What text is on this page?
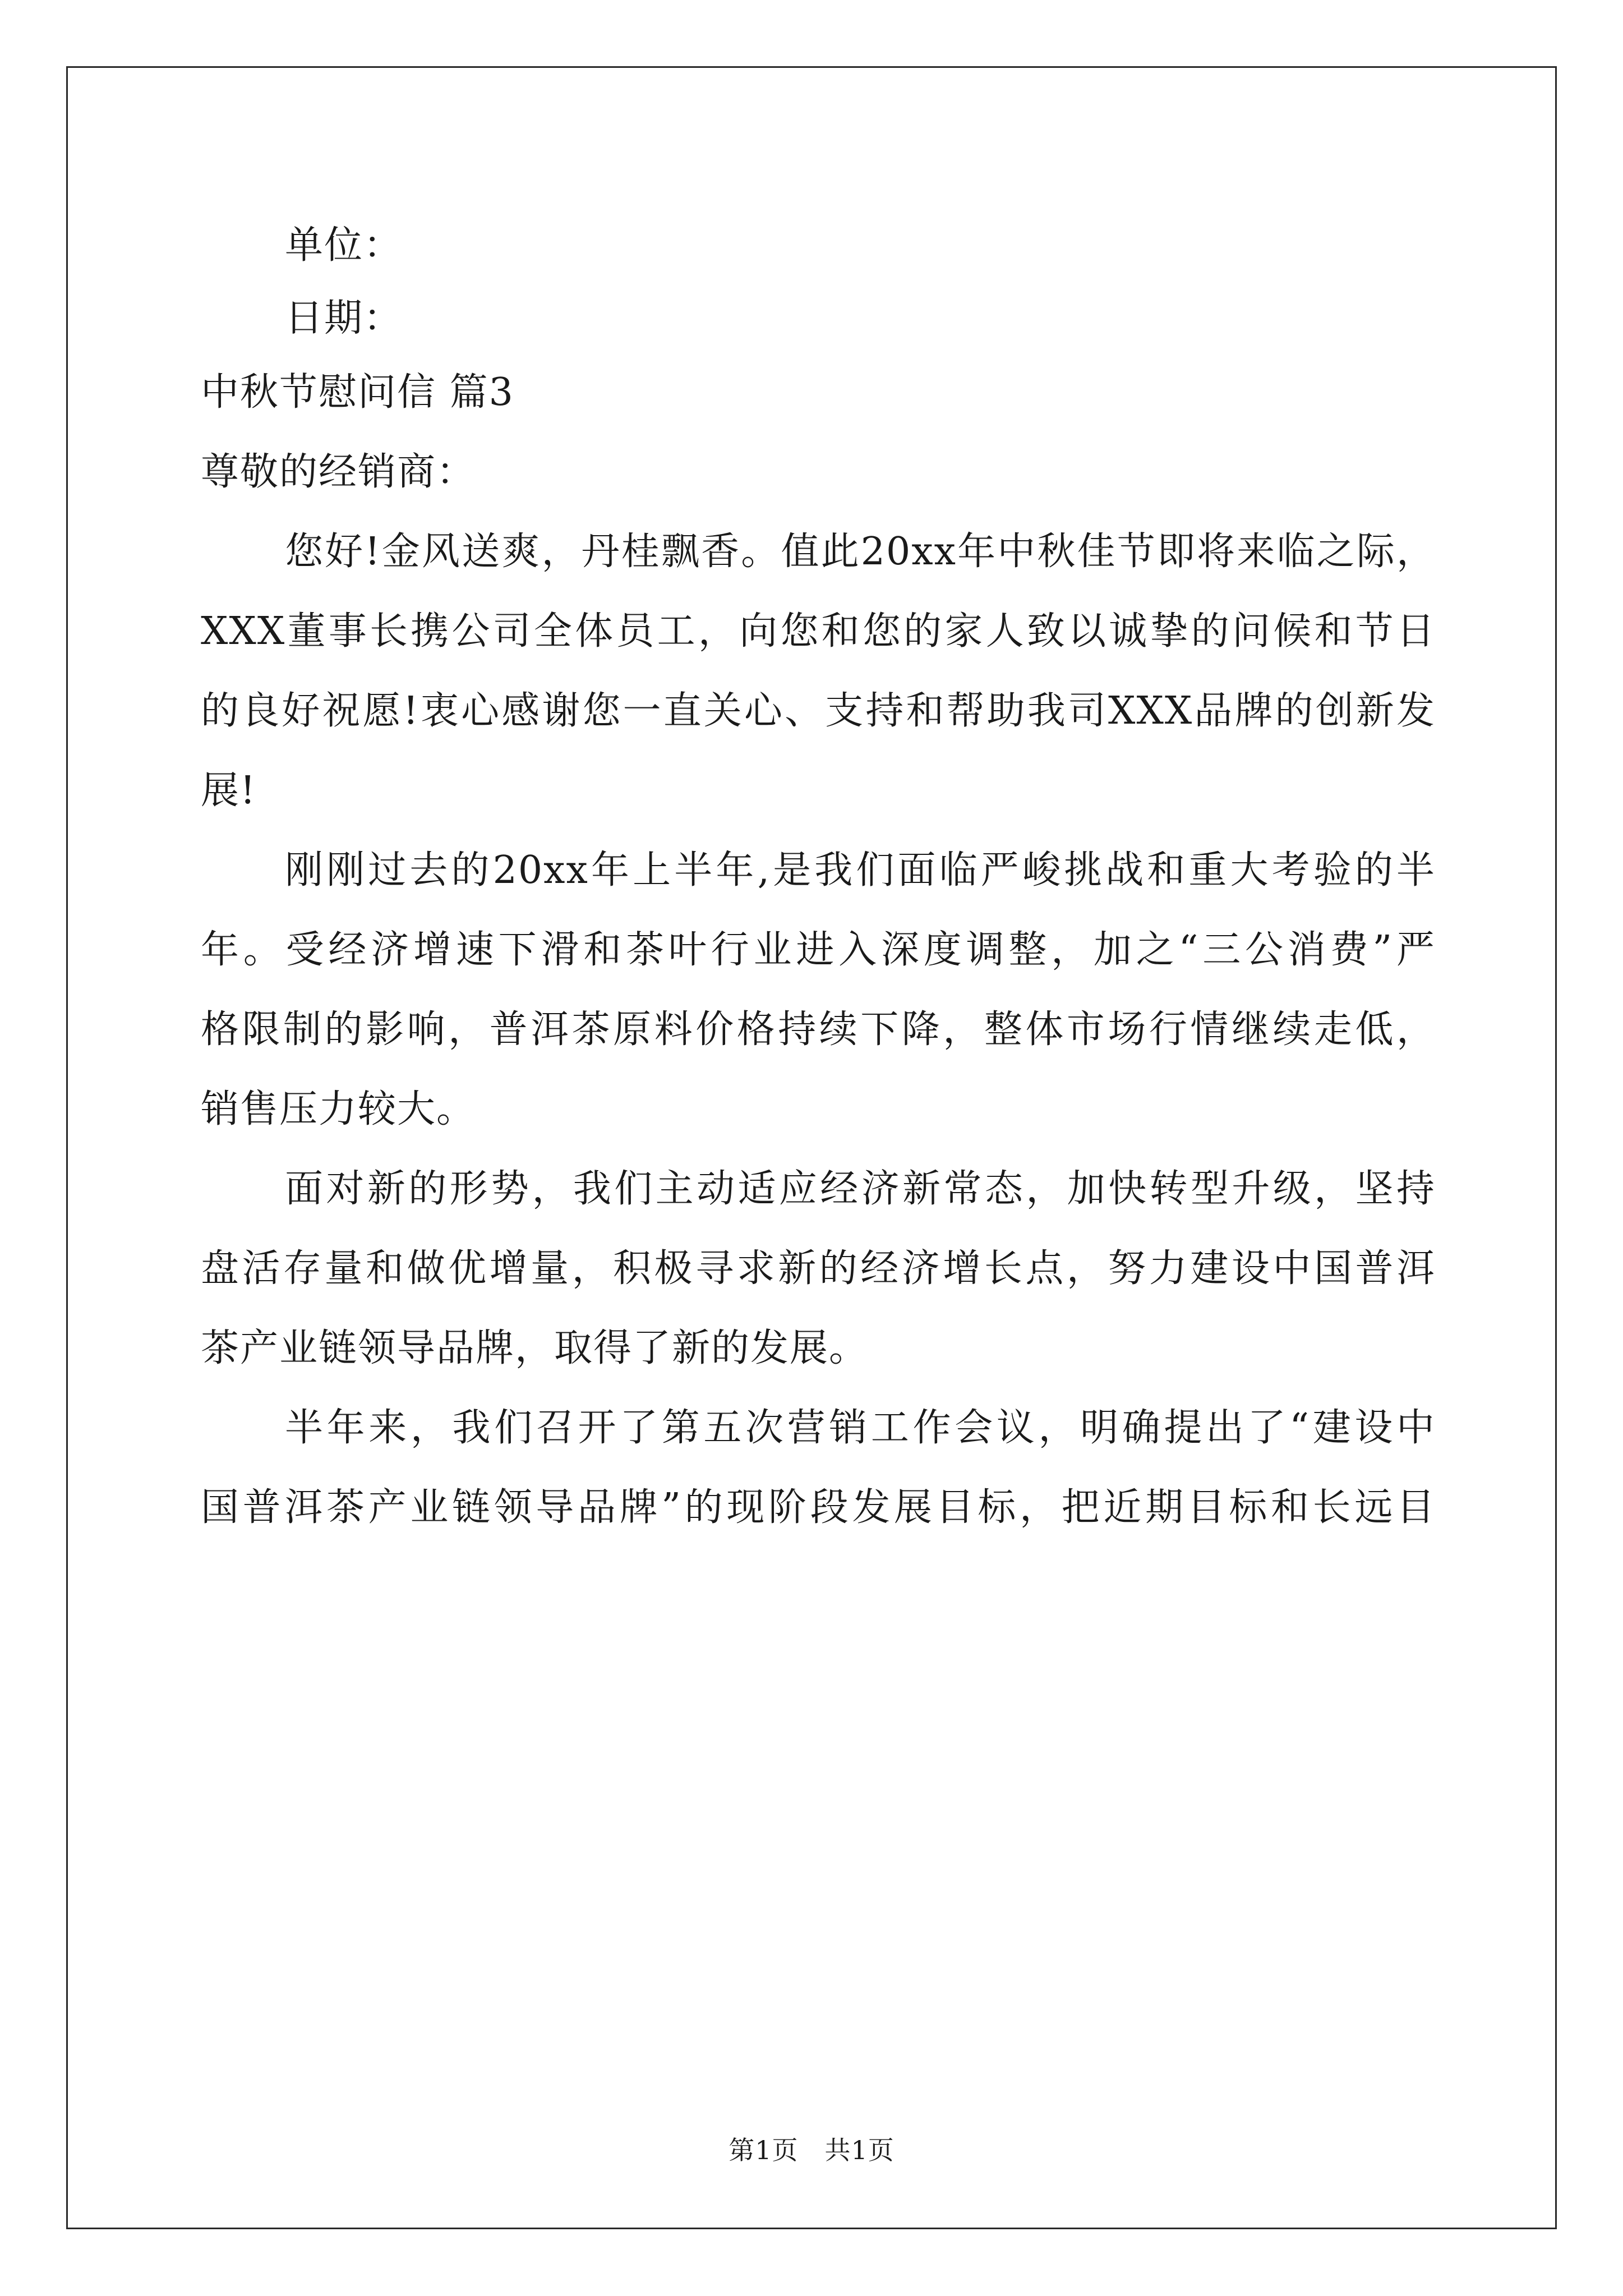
单位：
日期：
中秋节慰问信 篇3
尊敬的经销商：
您好!金风送爽，丹桂飘香。值此20xx年中秋佳节即将来临之际，
XXX董事长携公司全体员工，向您和您的家人致以诚挚的问候和节日
的良好祝愿!衷心感谢您一直关心、支持和帮助我司XXX品牌的创新发
展!
刚刚过去的20xx年上半年,是我们面临严峻挑战和重大考验的半
年。受经济增速下滑和茶叶行业进入深度调整，加之“三公消费”严
格限制的影响，普洱茶原料价格持续下降，整体市场行情继续走低，
销售压力较大。
面对新的形势，我们主动适应经济新常态，加快转型升级，坚持
盘活存量和做优增量，积极寻求新的经济增长点，努力建设中国普洱
茶产业链领导品牌，取得了新的发展。
半年来，我们召开了第五次营销工作会议，明确提出了“建设中
国普洱茶产业链领导品牌”的现阶段发展目标，把近期目标和长远目
第1页　共1页
